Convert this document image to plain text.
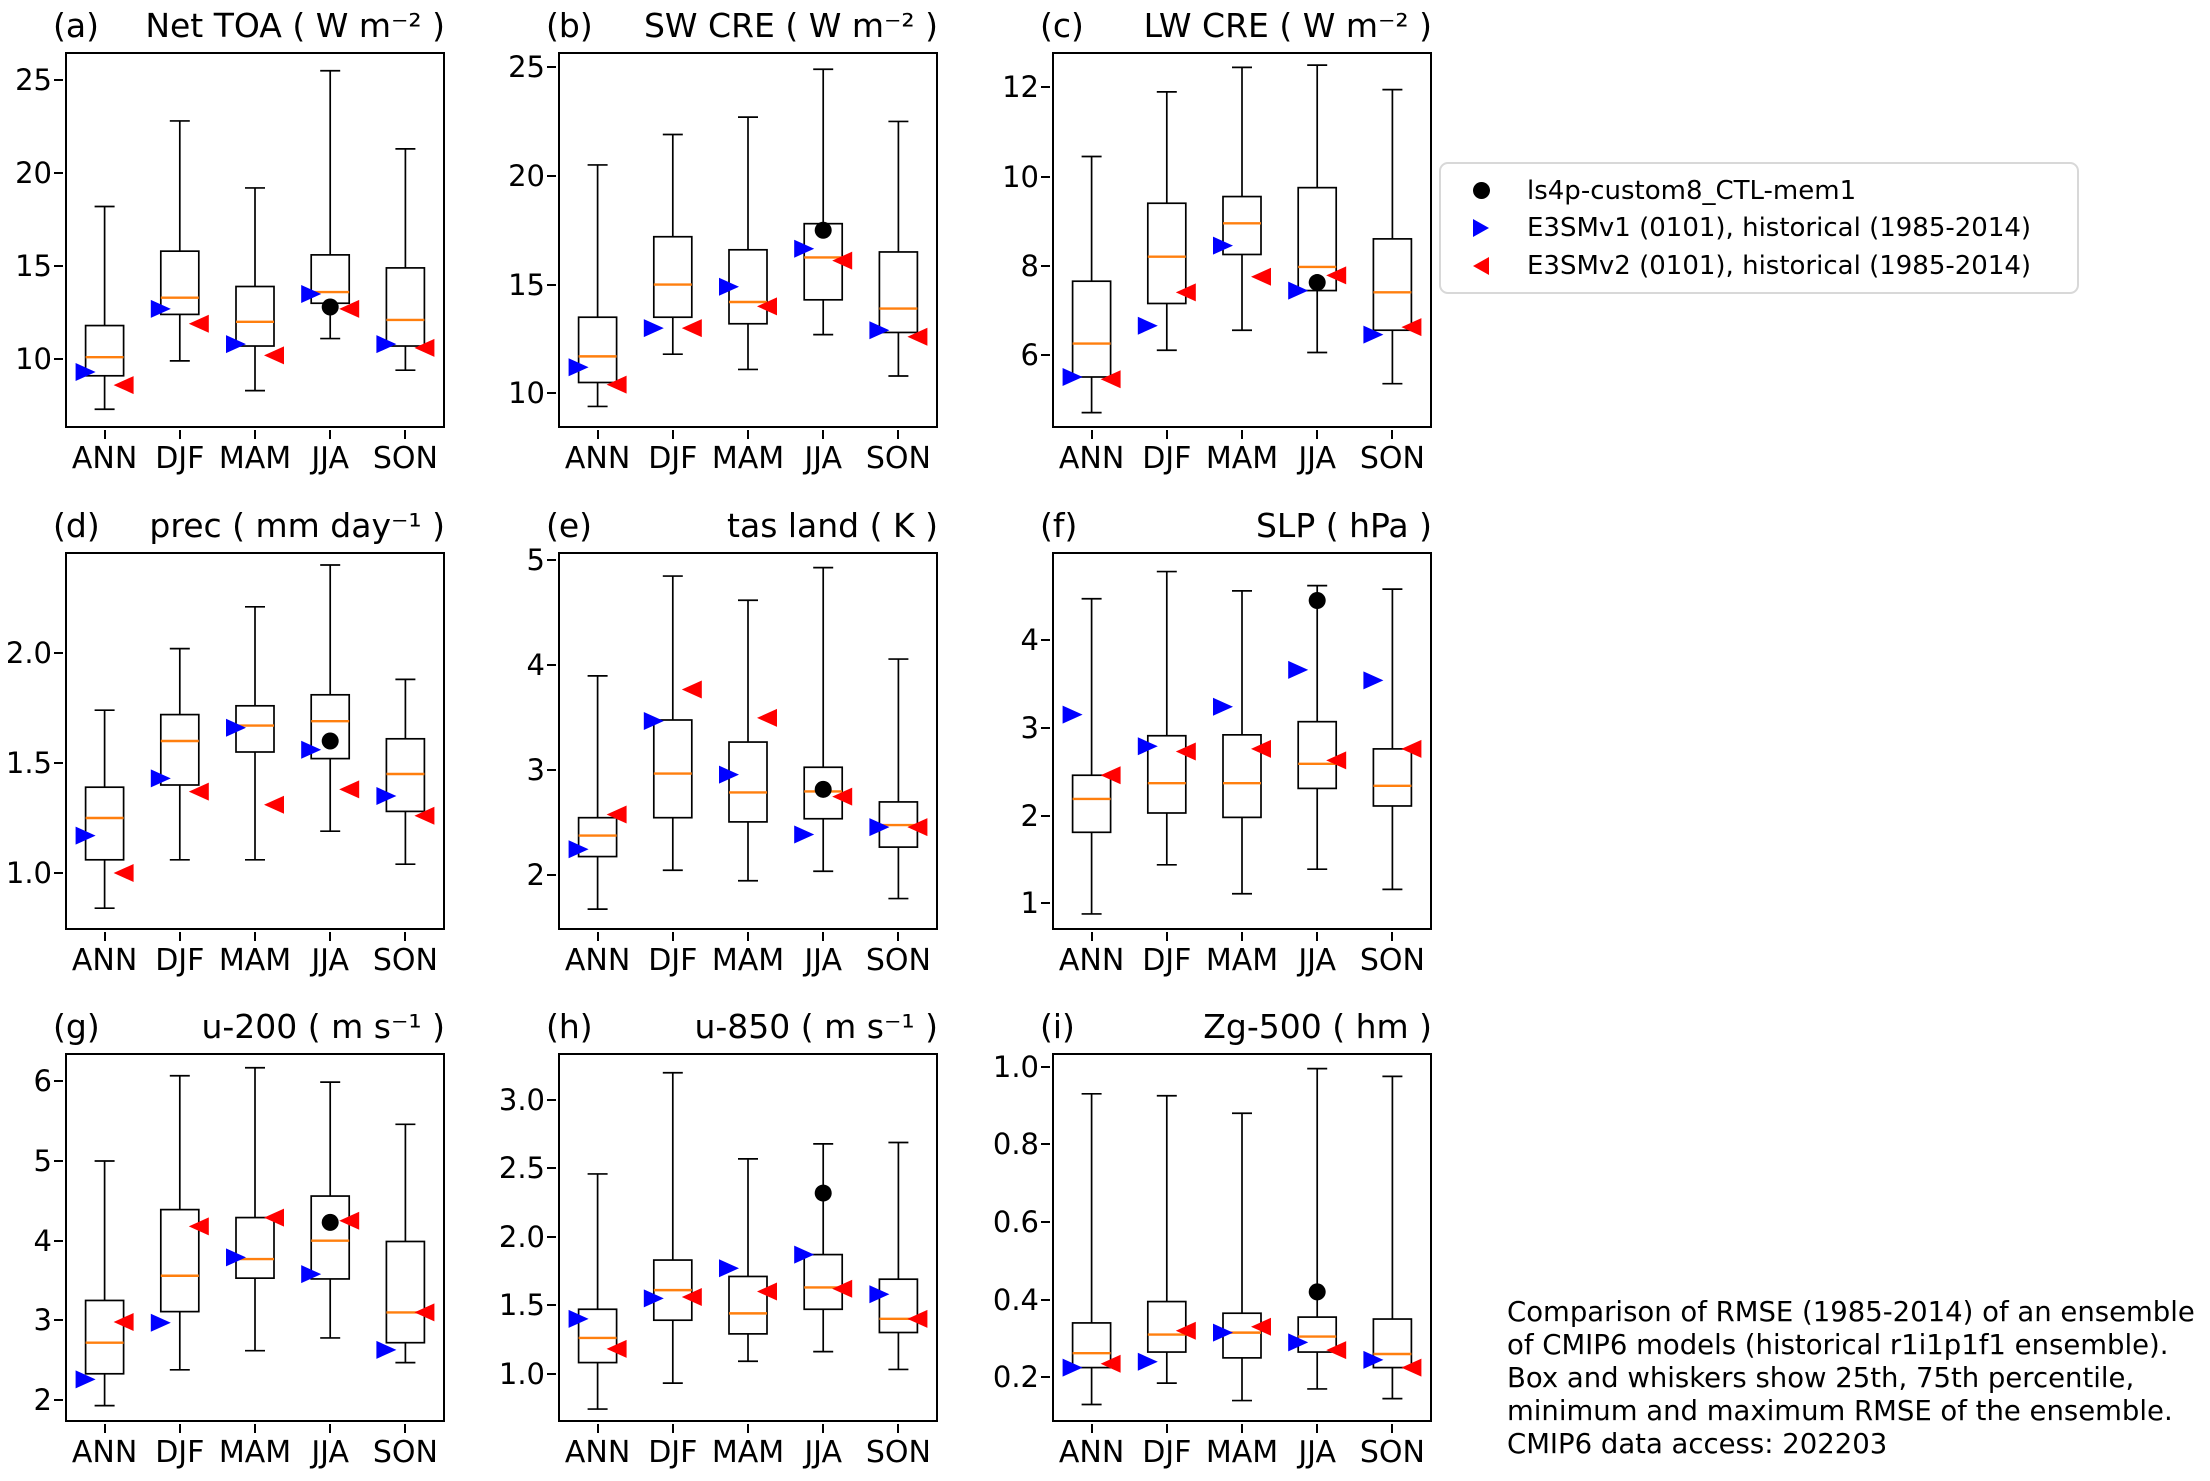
(a) Net TOA ( W m⁻² )
10
15
20
25
ANN DJF MAM JJA SON
(b) SW CRE ( W m⁻² )
10
15
20
25
ANN DJF MAM JJA SON
(c) LW CRE ( W m⁻² )
6
8
10
12
ANN DJF MAM JJA SON
(d) prec ( mm day⁻¹ )
1.0
1.5
2.0
ANN DJF MAM JJA SON
(e)	tas land ( K )
2
3
4
5
ANN DJF MAM JJA SON
(f)	SLP ( hPa )
1
2
3
4
ANN DJF MAM JJA SON
(g)	u-200 ( m s⁻¹ )
2
3
4
5
6
ANN DJF MAM JJA SON
(h)	u-850 ( m s⁻¹ )
1.0
1.5
2.0
2.5
3.0
ANN DJF MAM JJA SON
(i)	Zg-500 ( hm )
0.2
0.4
0.6
0.8
1.0
ANN DJF MAM JJA SON
ls4p-custom8_CTL-mem1
E3SMv1 (0101), historical (1985-2014)
E3SMv2 (0101), historical (1985-2014)
Comparison of RMSE (1985-2014) of an ensemble
of CMIP6 models (historical r1i1p1f1 ensemble).
Box and whiskers show 25th, 75th percentile,
minimum and maximum RMSE of the ensemble.
CMIP6 data access: 202203
